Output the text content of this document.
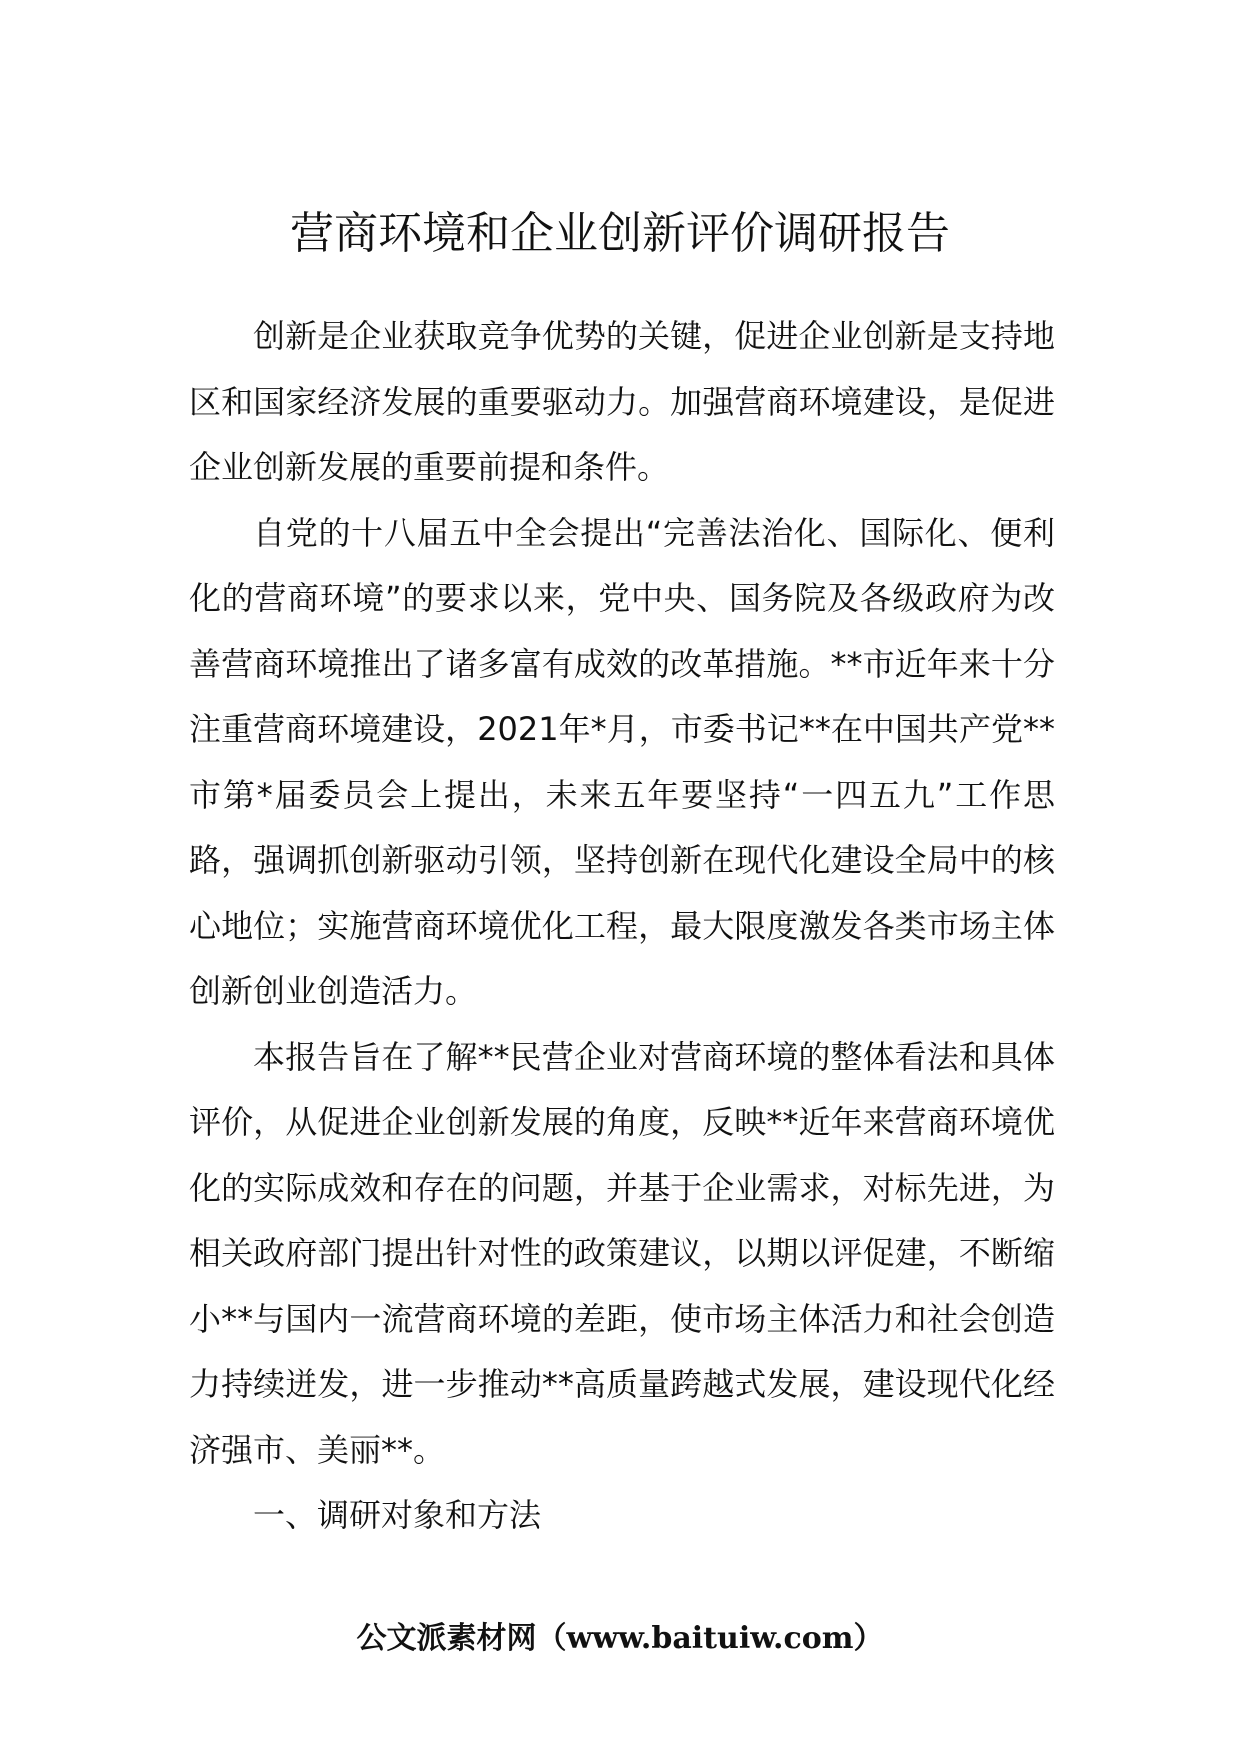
营商环境和企业创新评价调研报告

创新是企业获取竞争优势的关键，促进企业创新是支持地区和国家经济发展的重要驱动力。加强营商环境建设，是促进企业创新发展的重要前提和条件。

自党的十八届五中全会提出“完善法治化、国际化、便利化的营商环境”的要求以来，党中央、国务院及各级政府为改善营商环境推出了诸多富有成效的改革措施。**市近年来十分注重营商环境建设，2021年*月，市委书记**在中国共产党**市第*届委员会上提出，未来五年要坚持“一四五九”工作思路，强调抓创新驱动引领，坚持创新在现代化建设全局中的核心地位；实施营商环境优化工程，最大限度激发各类市场主体创新创业创造活力。

本报告旨在了解**民营企业对营商环境的整体看法和具体评价，从促进企业创新发展的角度，反映**近年来营商环境优化的实际成效和存在的问题，并基于企业需求，对标先进，为相关政府部门提出针对性的政策建议，以期以评促建，不断缩小**与国内一流营商环境的差距，使市场主体活力和社会创造力持续迸发，进一步推动**高质量跨越式发展，建设现代化经济强市、美丽**。

一、调研对象和方法

公文派素材网（www.baituiw.com）
